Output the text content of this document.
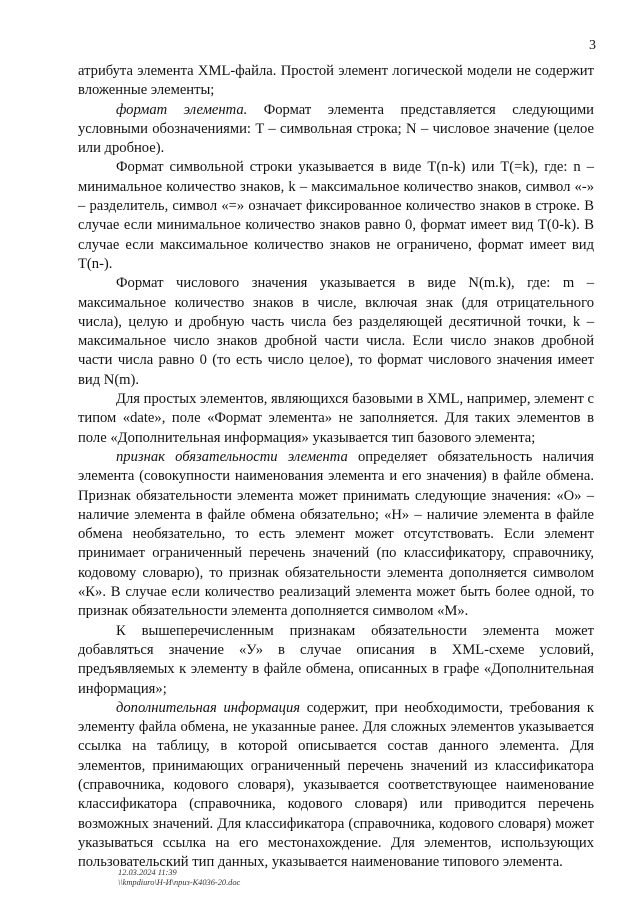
3

атрибута элемента XML-файла. Простой элемент логической модели не содержит вложенные элементы;

формат элемента. Формат элемента представляется следующими условными обозначениями: T – символьная строка; N – числовое значение (целое или дробное).

Формат символьной строки указывается в виде T(n-k) или T(=k), где: n – минимальное количество знаков, k – максимальное количество знаков, символ «-» – разделитель, символ «=» означает фиксированное количество знаков в строке. В случае если минимальное количество знаков равно 0, формат имеет вид T(0-k). В случае если максимальное количество знаков не ограничено, формат имеет вид T(n-).

Формат числового значения указывается в виде N(m.k), где: m – максимальное количество знаков в числе, включая знак (для отрицательного числа), целую и дробную часть числа без разделяющей десятичной точки, k – максимальное число знаков дробной части числа. Если число знаков дробной части числа равно 0 (то есть число целое), то формат числового значения имеет вид N(m).

Для простых элементов, являющихся базовыми в XML, например, элемент с типом «date», поле «Формат элемента» не заполняется. Для таких элементов в поле «Дополнительная информация» указывается тип базового элемента;

признак обязательности элемента определяет обязательность наличия элемента (совокупности наименования элемента и его значения) в файле обмена. Признак обязательности элемента может принимать следующие значения: «О» – наличие элемента в файле обмена обязательно; «Н» – наличие элемента в файле обмена необязательно, то есть элемент может отсутствовать. Если элемент принимает ограниченный перечень значений (по классификатору, справочнику, кодовому словарю), то признак обязательности элемента дополняется символом «К». В случае если количество реализаций элемента может быть более одной, то признак обязательности элемента дополняется символом «М».

К вышеперечисленным признакам обязательности элемента может добавляться значение «У» в случае описания в XML-схеме условий, предъявляемых к элементу в файле обмена, описанных в графе «Дополнительная информация»;

дополнительная информация содержит, при необходимости, требования к элементу файла обмена, не указанные ранее. Для сложных элементов указывается ссылка на таблицу, в которой описывается состав данного элемента. Для элементов, принимающих ограниченный перечень значений из классификатора (справочника, кодового словаря), указывается соответствующее наименование классификатора (справочника, кодового словаря) или приводится перечень возможных значений. Для классификатора (справочника, кодового словаря) может указываться ссылка на его местонахождение. Для элементов, использующих пользовательский тип данных, указывается наименование типового элемента.

12.03.2024 11:39
\\kmpdiuro\Н-И\приз-К4036-20.doc
